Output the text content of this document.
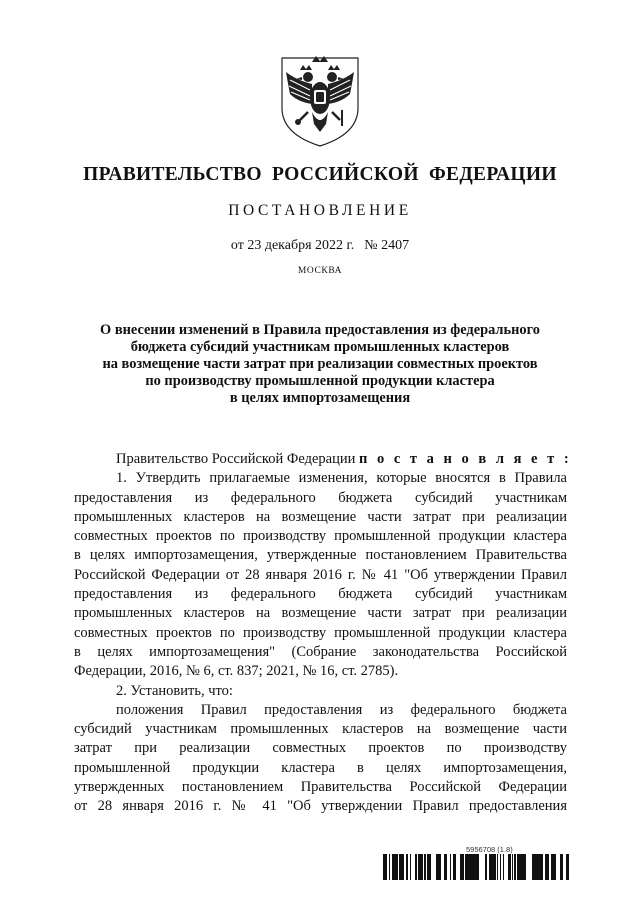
ПРАВИТЕЛЬСТВО РОССИЙСКОЙ ФЕДЕРАЦИИ

ПОСТАНОВЛЕНИЕ

от 23 декабря 2022 г. № 2407

МОСКВА

О внесении изменений в Правила предоставления из федерального
бюджета субсидий участникам промышленных кластеров
на возмещение части затрат при реализации совместных проектов
по производству промышленной продукции кластера
в целях импортозамещения
Правительство Российской Федерации п о с т а н о в л я е т :
1. Утвердить прилагаемые изменения, которые вносятся в Правила
предоставления из федерального бюджета субсидий участникам
промышленных кластеров на возмещение части затрат при реализации
совместных проектов по производству промышленной продукции кластера
в целях импортозамещения, утвержденные постановлением Правительства
Российской Федерации от 28 января 2016 г. № 41 "Об утверждении Правил
предоставления из федерального бюджета субсидий участникам
промышленных кластеров на возмещение части затрат при реализации
совместных проектов по производству промышленной продукции кластера
в целях импортозамещения" (Собрание законодательства Российской
Федерации, 2016, № 6, ст. 837; 2021, № 16, ст. 2785).
2. Установить, что:
положения Правил предоставления из федерального бюджета
субсидий участникам промышленных кластеров на возмещение части
затрат при реализации совместных проектов по производству
промышленной продукции кластера в целях импортозамещения,
утвержденных постановлением Правительства Российской Федерации
от 28 января 2016 г. № 41 "Об утверждении Правил предоставления
5956708 (1.8)
